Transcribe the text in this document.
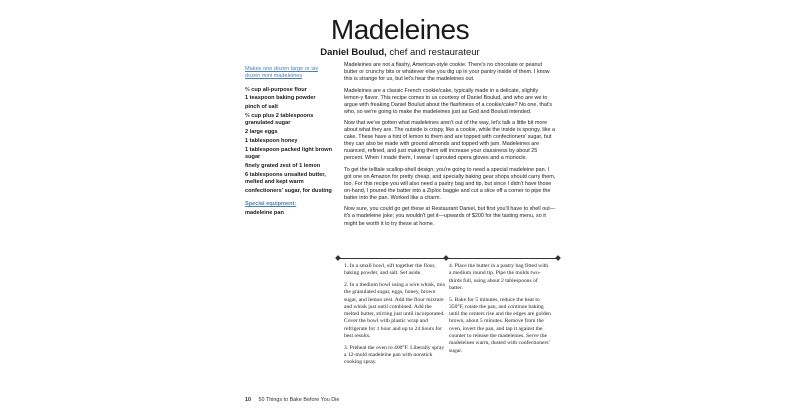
Madeleines
Daniel Boulud, chef and restaurateur
Makes one dozen large or six dozen mini madeleines
⅔ cup all-purpose flour
1 teaspoon baking powder
pinch of salt
⅔ cup plus 2 tablespoons granulated sugar
2 large eggs
1 tablespoon honey
1 tablespoon packed light brown sugar
finely grated zest of 1 lemon
6 tablespoons unsalted butter, melted and kept warm
confectioners' sugar, for dusting
Special equipment:
madeleine pan

Madeleines are not a flashy, American-style cookie. There's no chocolate or peanut butter or crunchy bits or whatever else you dig up in your pantry inside of them. I know this is strange for us, but let's hear the madeleines out.

Madeleines are a classic French cookie/cake, typically made in a delicate, slightly lemon-y flavor. This recipe comes to us courtesy of Daniel Boulud, and who are we to argue with freaking Daniel Boulud about the flashiness of a cookie/cake? No one, that's who, so we're going to make the madeleines just as God and Boulud intended.

Now that we've gotten what madeleines aren't out of the way, let's talk a little bit more about what they are. The outside is crispy, like a cookie, while the inside is spongy, like a cake. These have a hint of lemon to them and are topped with confectioners' sugar, but they can also be made with ground almonds and topped with jam. Madeleines are nuanced, refined, and just making them will increase your classiness by about 25 percent. When I made them, I swear I sprouted opera gloves and a monocle.

To get the telltale scallop-shell design, you're going to need a special madeleine pan. I got one on Amazon for pretty cheap, and specialty baking gear shops should carry them, too. For this recipe you will also need a pastry bag and tip, but since I didn't have those on-hand, I poured the batter into a Ziploc baggie and cut a slice off a corner to pipe the batter into the pan. Worked like a charm.

Now sure, you could go get these at Restaurant Daniel, but first you'll have to shell out—it's a madeleine joke; you wouldn't get it—upwards of $200 for the tasting menu, so it might be worth it to try these at home.

1. In a small bowl, sift together the flour, baking powder, and salt. Set aside.

2. In a medium bowl using a wire whisk, mix the granulated sugar, eggs, honey, brown sugar, and lemon zest. Add the flour mixture and whisk just until combined. Add the melted butter, stirring just until incorporated. Cover the bowl with plastic wrap and refrigerate for 1 hour and up to 24 hours for best results.

3. Preheat the oven to 400°F. Liberally spray a 12-mold madeleine pan with nonstick cooking spray.

4. Place the butter in a pastry bag fitted with a medium round tip. Pipe the molds two-thirds full, using about 2 tablespoons of batter.

5. Bake for 5 minutes, reduce the heat to 350°F, rotate the pan, and continue baking until the centers rise and the edges are golden brown, about 5 minutes. Remove from the oven, invert the pan, and tap it against the counter to release the madeleines. Serve the madeleines warm, dusted with confectioners' sugar.

10 50 Things to Bake Before You Die
